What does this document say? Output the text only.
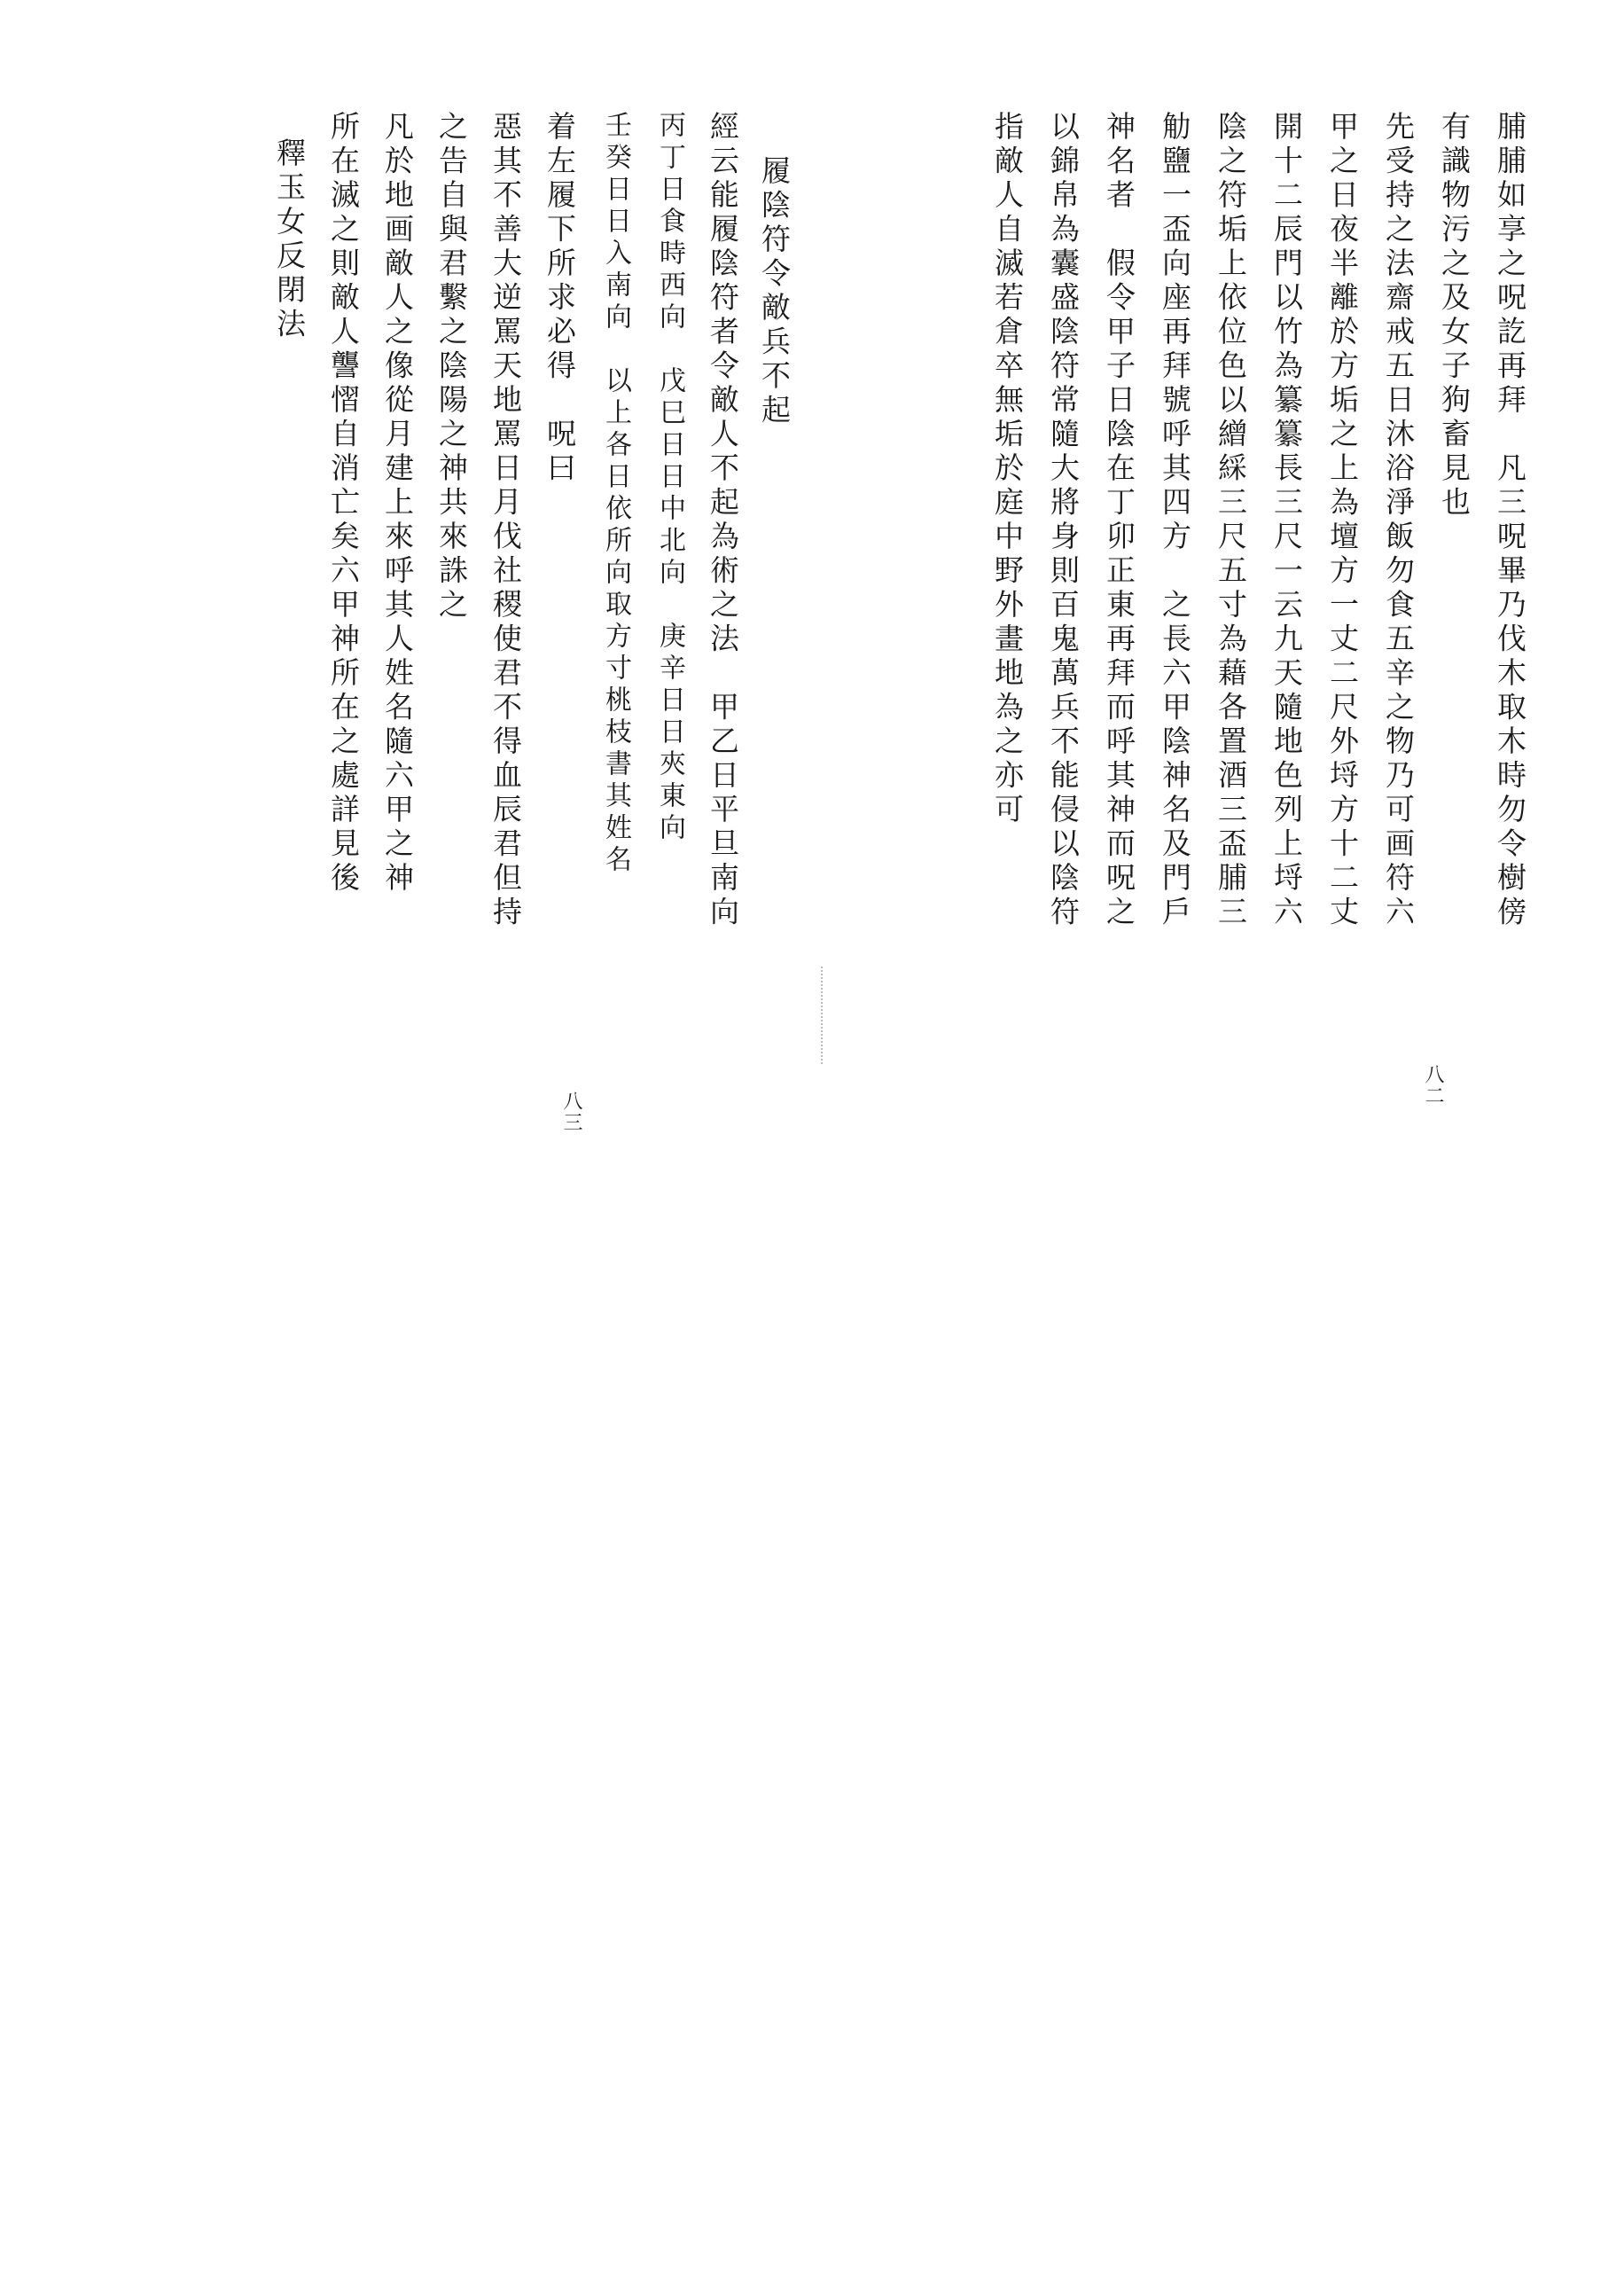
脯脯如享之呪訖再拜　凡三呪畢乃伐木取木時勿令樹傍
有識物污之及女子狗畜見也
先受持之法齋戒五日沐浴淨飯勿食五辛之物乃可画符六
甲之日夜半離於方垢之上為壇方一丈二尺外埒方十二丈
開十二辰門以竹為纂纂長三尺一云九天隨地色列上埒六
陰之符垢上依位色以繒綵三尺五寸為藉各置酒三盃脯三
觔鹽一盃向座再拜號呼其四方　之長六甲陰神名及門戶
神名者　假令甲子日陰在丁卯正東再拜而呼其神而呪之
以錦帛為囊盛陰符常隨大將身則百鬼萬兵不能侵以陰符
指敵人自滅若倉卒無垢於庭中野外畫地為之亦可
八二
履陰符令敵兵不起
經云能履陰符者令敵人不起為術之法　甲乙日平旦南向
丙丁日食時西向　戊巳日日中北向　庚辛日日夾東向
壬癸日日入南向　以上各日依所向取方寸桃枝書其姓名
着左履下所求必得　呪曰
惡其不善大逆罵天地罵日月伐社稷使君不得血辰君但持
之告自與君繫之陰陽之神共來誅之
凡於地画敵人之像從月建上來呼其人姓名隨六甲之神
所在滅之則敵人讋慴自消亡矣六甲神所在之處詳見後
釋玉女反閉法
八三
